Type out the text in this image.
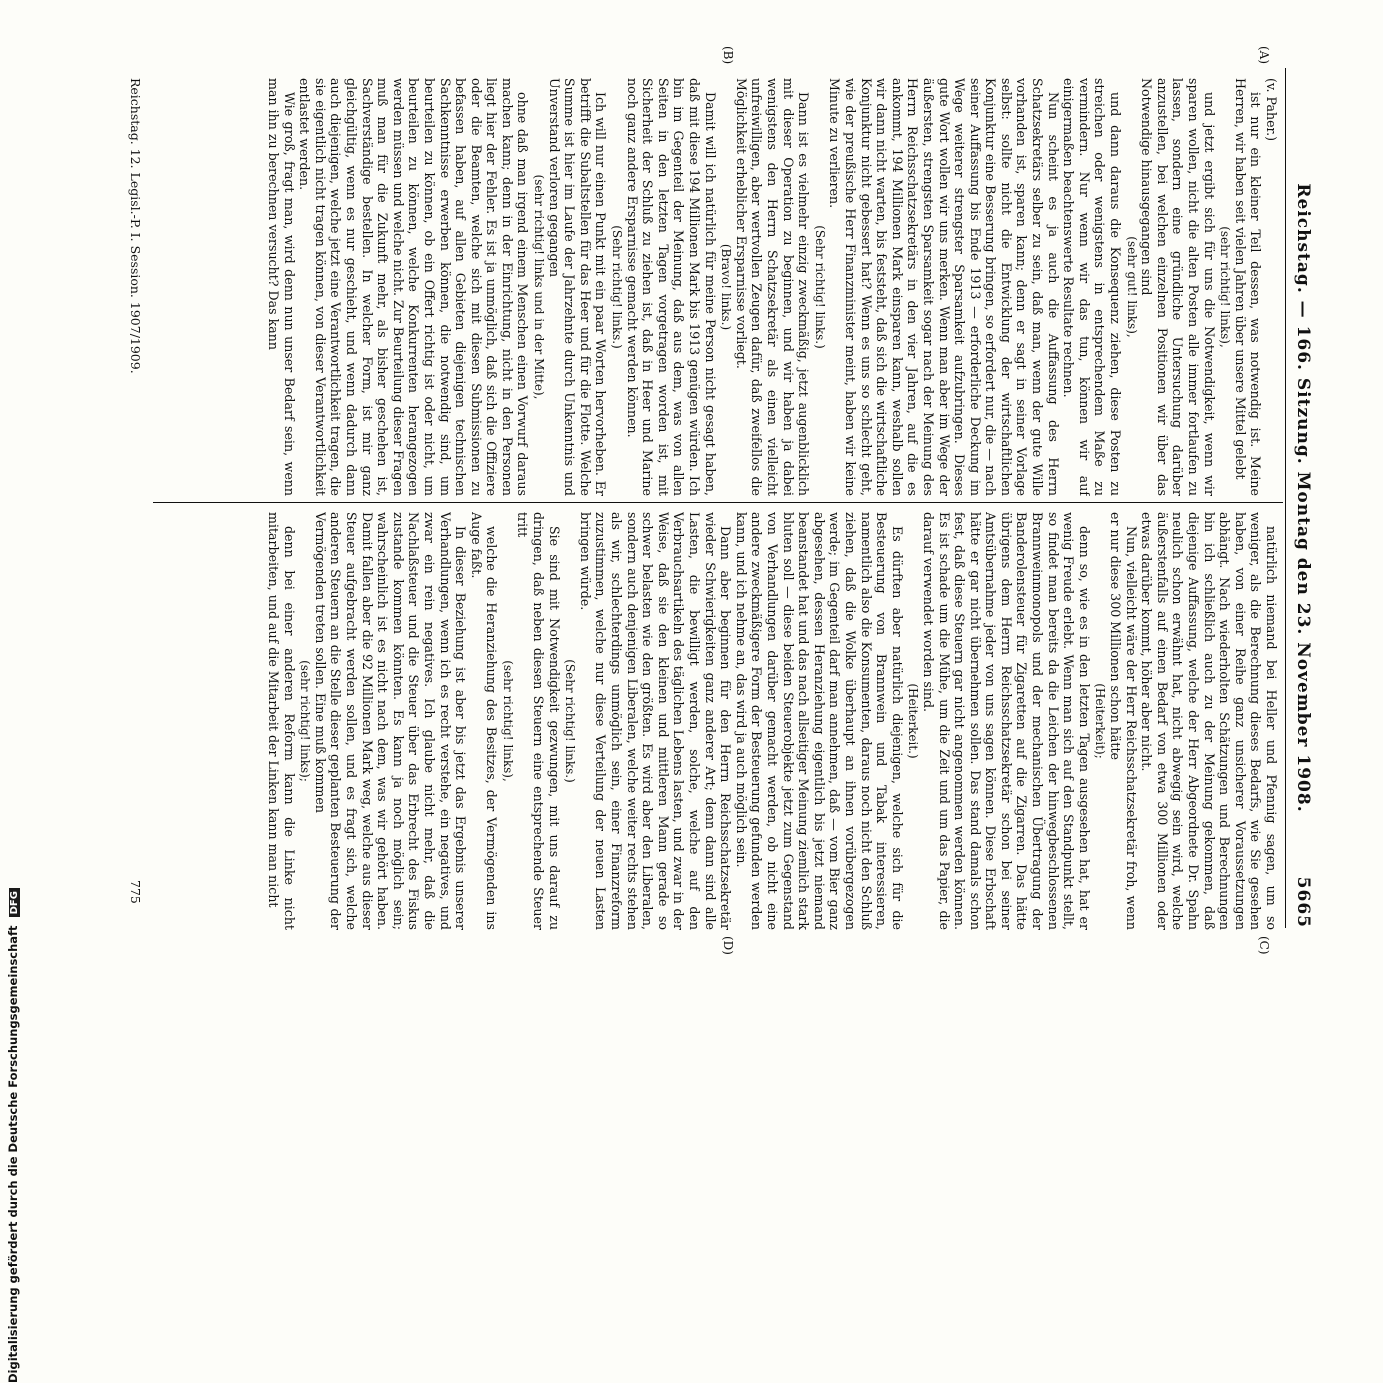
Reichstag. — 166. Sitzung. Montag den 23. November 1908.
5665
(A)
(B)
(C)
(D)

(v. Paher.)

ist nur ein kleiner Teil dessen, was notwendig ist. Meine Herren, wir haben seit vielen Jahren über unsere Mittel gelebt

(sehr richtig! links),

und jetzt ergibt sich für uns die Notwendigkeit, wenn wir sparen wollen, nicht die alten Posten alle immer fortlaufen zu lassen, sondern eine gründliche Untersuchung darüber anzustellen, bei welchen einzelnen Positionen wir über das Notwendige hinausgegangen sind

(sehr gut! links),

und dann daraus die Konsequenz ziehen, diese Posten zu streichen oder wenigstens in entsprechendem Maße zu vermindern. Nur wenn wir das tun, können wir auf einigermaßen beachtenswerte Resultate rechnen.

Nun scheint es ja auch die Auffassung des Herrn Schatzsekretärs selber zu sein, daß man, wenn der gute Wille vorhanden ist, sparen kann; denn er sagt in seiner Vorlage selbst: sollte nicht die Entwicklung der wirtschaftlichen Konjunktur eine Besserung bringen, so erfordert nur, die — nach seiner Auffassung bis Ende 1913 — erforderliche Deckung im Wege weiterer strengster Sparsamkeit aufzubringen. Dieses gute Wort wollen wir uns merken. Wenn man aber im Wege der äußersten, strengsten Sparsamkeit sogar nach der Meinung des Herrn Reichsschatzsekretärs in den vier Jahren, auf die es ankommt, 194 Millionen Mark einsparen kann, weshalb sollen wir dann nicht warten, bis feststeht, daß sich die wirtschaftliche Konjunktur nicht gebessert hat? Wenn es uns so schlecht geht, wie der preußische Herr Finanzminister meint, haben wir keine Minute zu verlieren.

(Sehr richtig! links.)

Dann ist es vielmehr einzig zweckmäßig, jetzt augenblicklich mit dieser Operation zu beginnen, und wir haben ja dabei wenigstens den Herrn Schatzsekretär als einen vielleicht unfreiwilligen, aber wertvollen Zeugen dafür, daß zweifellos die Möglichkeit erheblicher Ersparnisse vorliegt.

(Bravo! links.)

Damit will ich natürlich für meine Person nicht gesagt haben, daß mit diese 194 Millionen Mark bis 1913 genügen würden. Ich bin im Gegenteil der Meinung, daß aus dem, was von allen Seiten in den letzten Tagen vorgetragen worden ist, mit Sicherheit der Schluß zu ziehen ist, daß in Heer und Marine noch ganz andere Ersparnisse gemacht werden können.

(Sehr richtig! links.)

Ich will nur einen Punkt mit ein paar Worten hervorheben. Er betrifft die Subaltstellen für das Heer und für die Flotte. Welche Summe ist hier im Laufe der Jahrzehnte durch Unkenntnis und Unverstand verloren gegangen

(sehr richtig! links und in der Mitte),

ohne daß man irgend einem Menschen einen Vorwurf daraus machen kann; denn in der Einrichtung, nicht in den Personen liegt hier der Fehler. Es ist ja unmöglich, daß sich die Offiziere oder die Beamten, welche sich mit diesen Submissionen zu befassen haben, auf allen Gebieten diejenigen technischen Sachkenntnisse erwerben können, die notwendig sind, um beurteilen zu können, ob ein Offert richtig ist oder nicht, um beurteilen zu können, welche Konkurrenten herangezogen werden müssen und welche nicht. Zur Beurteilung dieser Fragen muß man für die Zukunft mehr, als bisher geschehen ist, Sachverständige bestellen. In welcher Form, ist mir ganz gleichgültig, wenn es nur geschieht, und wenn dadurch dann auch diejenigen, welche jetzt eine Verantwortlichkeit tragen, die sie eigentlich nicht tragen können, von dieser Verantwortlichkeit entlastet werden.

Wie groß, fragt man, wird denn nun unser Bedarf sein, wenn man ihn zu berechnen versucht? Das kann

natürlich niemand bei Heller und Pfennig sagen, um so weniger, als die Berechnung dieses Bedarfs, wie Sie gesehen haben, von einer Reihe ganz unsicherer Voraussetzungen abhängt. Nach wiederholten Schätzungen und Berechnungen bin ich schließlich auch zu der Meinung gekommen, daß diejenige Auffassung, welche der Herr Abgeordnete Dr. Spahn neulich schon erwähnt hat, nicht abwegig sein wird, welche äußerstenfalls auf einen Bedarf von etwa 300 Millionen oder etwas darüber kommt, höher aber nicht.

Nun, vielleicht wäre der Herr Reichsschatzsekretär froh, wenn er nur diese 300 Millionen schon hätte

(Heiterkeit);

denn so, wie es in den letzten Tagen ausgesehen hat, hat er wenig Freude erlebt. Wenn man sich auf den Standpunkt stellt, so findet man bereits da die Leichen der hinwegbeschlossenen Brannweinmonopols und der mechanischen Übertragung der Banderolensteuer für Zigaretten auf die Zigarren. Das hätte übrigens dem Herrn Reichsschatzsekretär schon bei seiner Amtsübernahme jeder von uns sagen können. Diese Erbschaft hätte er gar nicht übernehmen sollen. Das stand damals schon fest, daß diese Steuern gar nicht angenommen werden können. Es ist schade um die Mühe, um die Zeit und um das Papier, die darauf verwendet worden sind.

(Heiterkeit.)

Es dürften aber natürlich diejenigen, welche sich für die Besteuerung von Brannwein und Tabak interessieren, namentlich also die Konsumenten, daraus noch nicht den Schluß ziehen, daß die Wolke überhaupt an ihnen vorübergezogen werde; im Gegenteil darf man annehmen, daß — vom Bier ganz abgesehen, dessen Heranziehung eigentlich bis jetzt niemand beanstandet hat und das nach allseitiger Meinung ziemlich stark bluten soll — diese beiden Steuerobjekte jetzt zum Gegenstand von Verhandlungen darüber gemacht werden, ob nicht eine andere zweckmäßigere Form der Besteuerung gefunden werden kann, und ich nehme an, das wird ja auch möglich sein.

Dann aber beginnen für den Herrn Reichsschatzsekretär wieder Schwierigkeiten ganz anderer Art; denn dann sind alle Lasten, die bewilligt werden, solche, welche auf den Verbrauchsartikeln des täglichen Lebens lasten, und zwar in der Weise, daß sie den kleinen und mittleren Mann gerade so schwer belasten wie den größten. Es wird aber den Liberalen, sondern auch denjenigen Liberalen, welche weiter rechts stehen als wir, schlechterdings unmöglich sein, einer Finanzreform zuzustimmen, welche nur diese Verteilung der neuen Lasten bringen würde.

(Sehr richtig! links.)

Sie sind mit Notwendigkeit gezwungen, mit uns darauf zu dringen, daß neben diesen Steuern eine entsprechende Steuer tritt

(sehr richtig! links),

welche die Heranziehung des Besitzes, der Vermögenden ins Auge faßt.

In dieser Beziehung ist aber bis jetzt das Ergebnis unserer Verhandlungen, wenn ich es recht verstehe, ein negatives, und zwar ein rein negatives. Ich glaube nicht mehr, daß die Nachlaßsteuer und die Steuer über das Erbrecht des Fiskus zustande kommen könnten. Es kann ja noch möglich sein; wahrscheinlich ist es nicht nach dem, was wir gehört haben. Damit fallen aber die 92 Millionen Mark weg, welche aus dieser Steuer aufgebracht werden sollen, und es fragt sich, welche anderen Steuern an die Stelle dieser geplanten Besteuerung der Vermögenden treten sollen. Eine muß kommen

(sehr richtig! links);

denn bei einer anderen Reform kann die Linke nicht mitarbeiten, und auf die Mitarbeit der Linken kann man nicht

Reichstag. 12. Legisl.-P. I. Session. 1907/1909.
775
Digitalisierung gefördert durch die Deutsche Forschungsgemeinschaft DFG
